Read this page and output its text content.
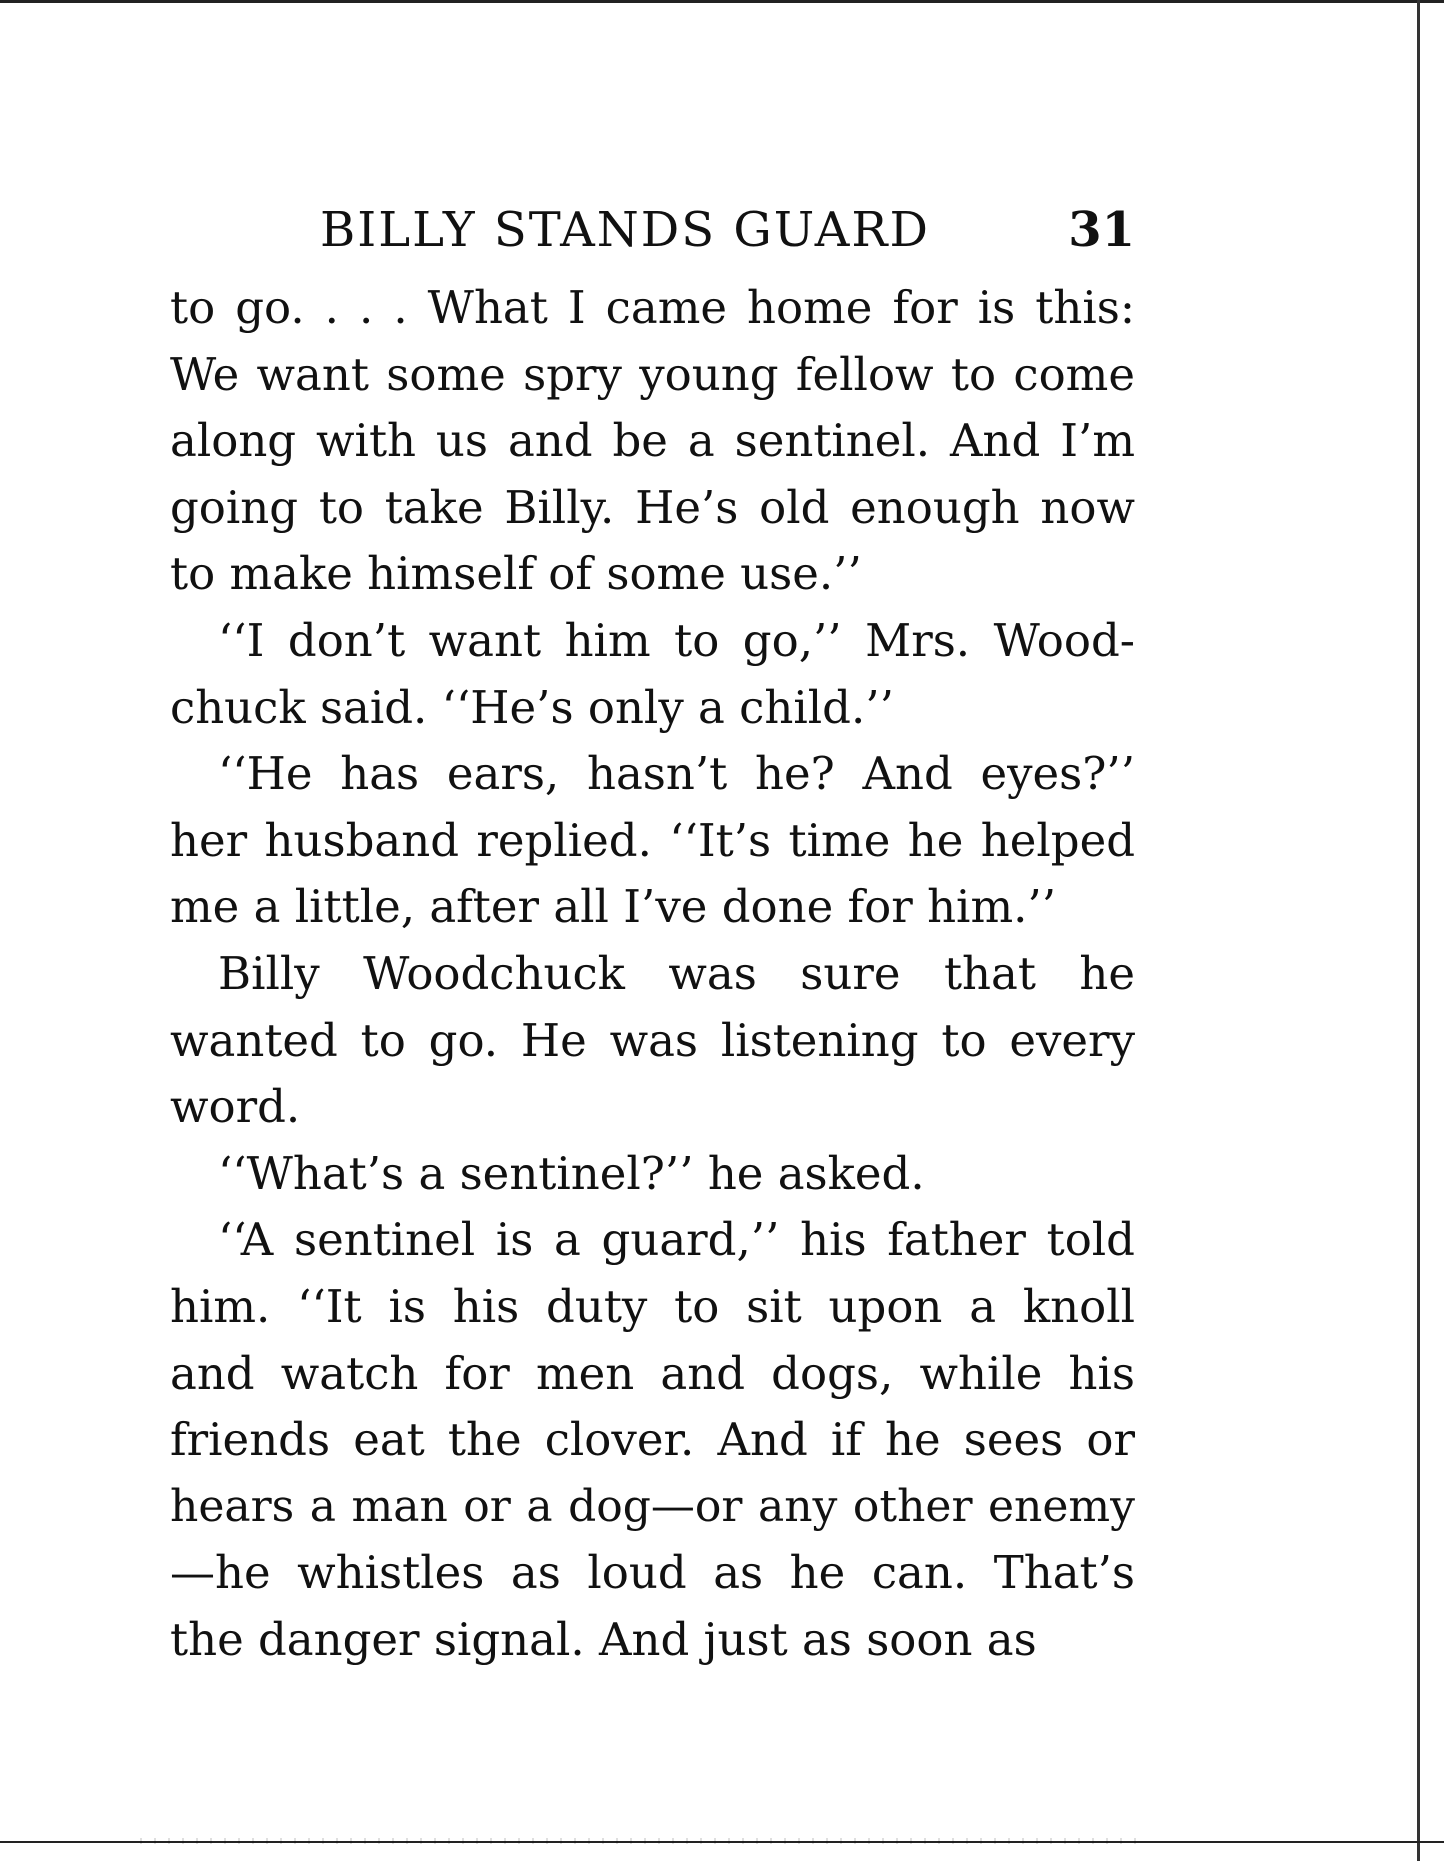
BILLY STANDS GUARD	31

to go. . . . What I came home for is this:
We want some spry young fellow to come
along with us and be a sentinel. And I’m
going to take Billy. He’s old enough now
to make himself of some use.’’

‘‘I don’t want him to go,’’ Mrs. Wood-
chuck said. ‘‘He’s only a child.’’

‘‘He has ears, hasn’t he? And eyes?’’
her husband replied. ‘‘It’s time he helped
me a little, after all I’ve done for him.’’

Billy Woodchuck was sure that he
wanted to go. He was listening to every
word.

‘‘What’s a sentinel?’’ he asked.

‘‘A sentinel is a guard,’’ his father told
him. ‘‘It is his duty to sit upon a knoll
and watch for men and dogs, while his
friends eat the clover. And if he sees or
hears a man or a dog—or any other enemy
—he whistles as loud as he can. That’s
the danger signal. And just as soon as
